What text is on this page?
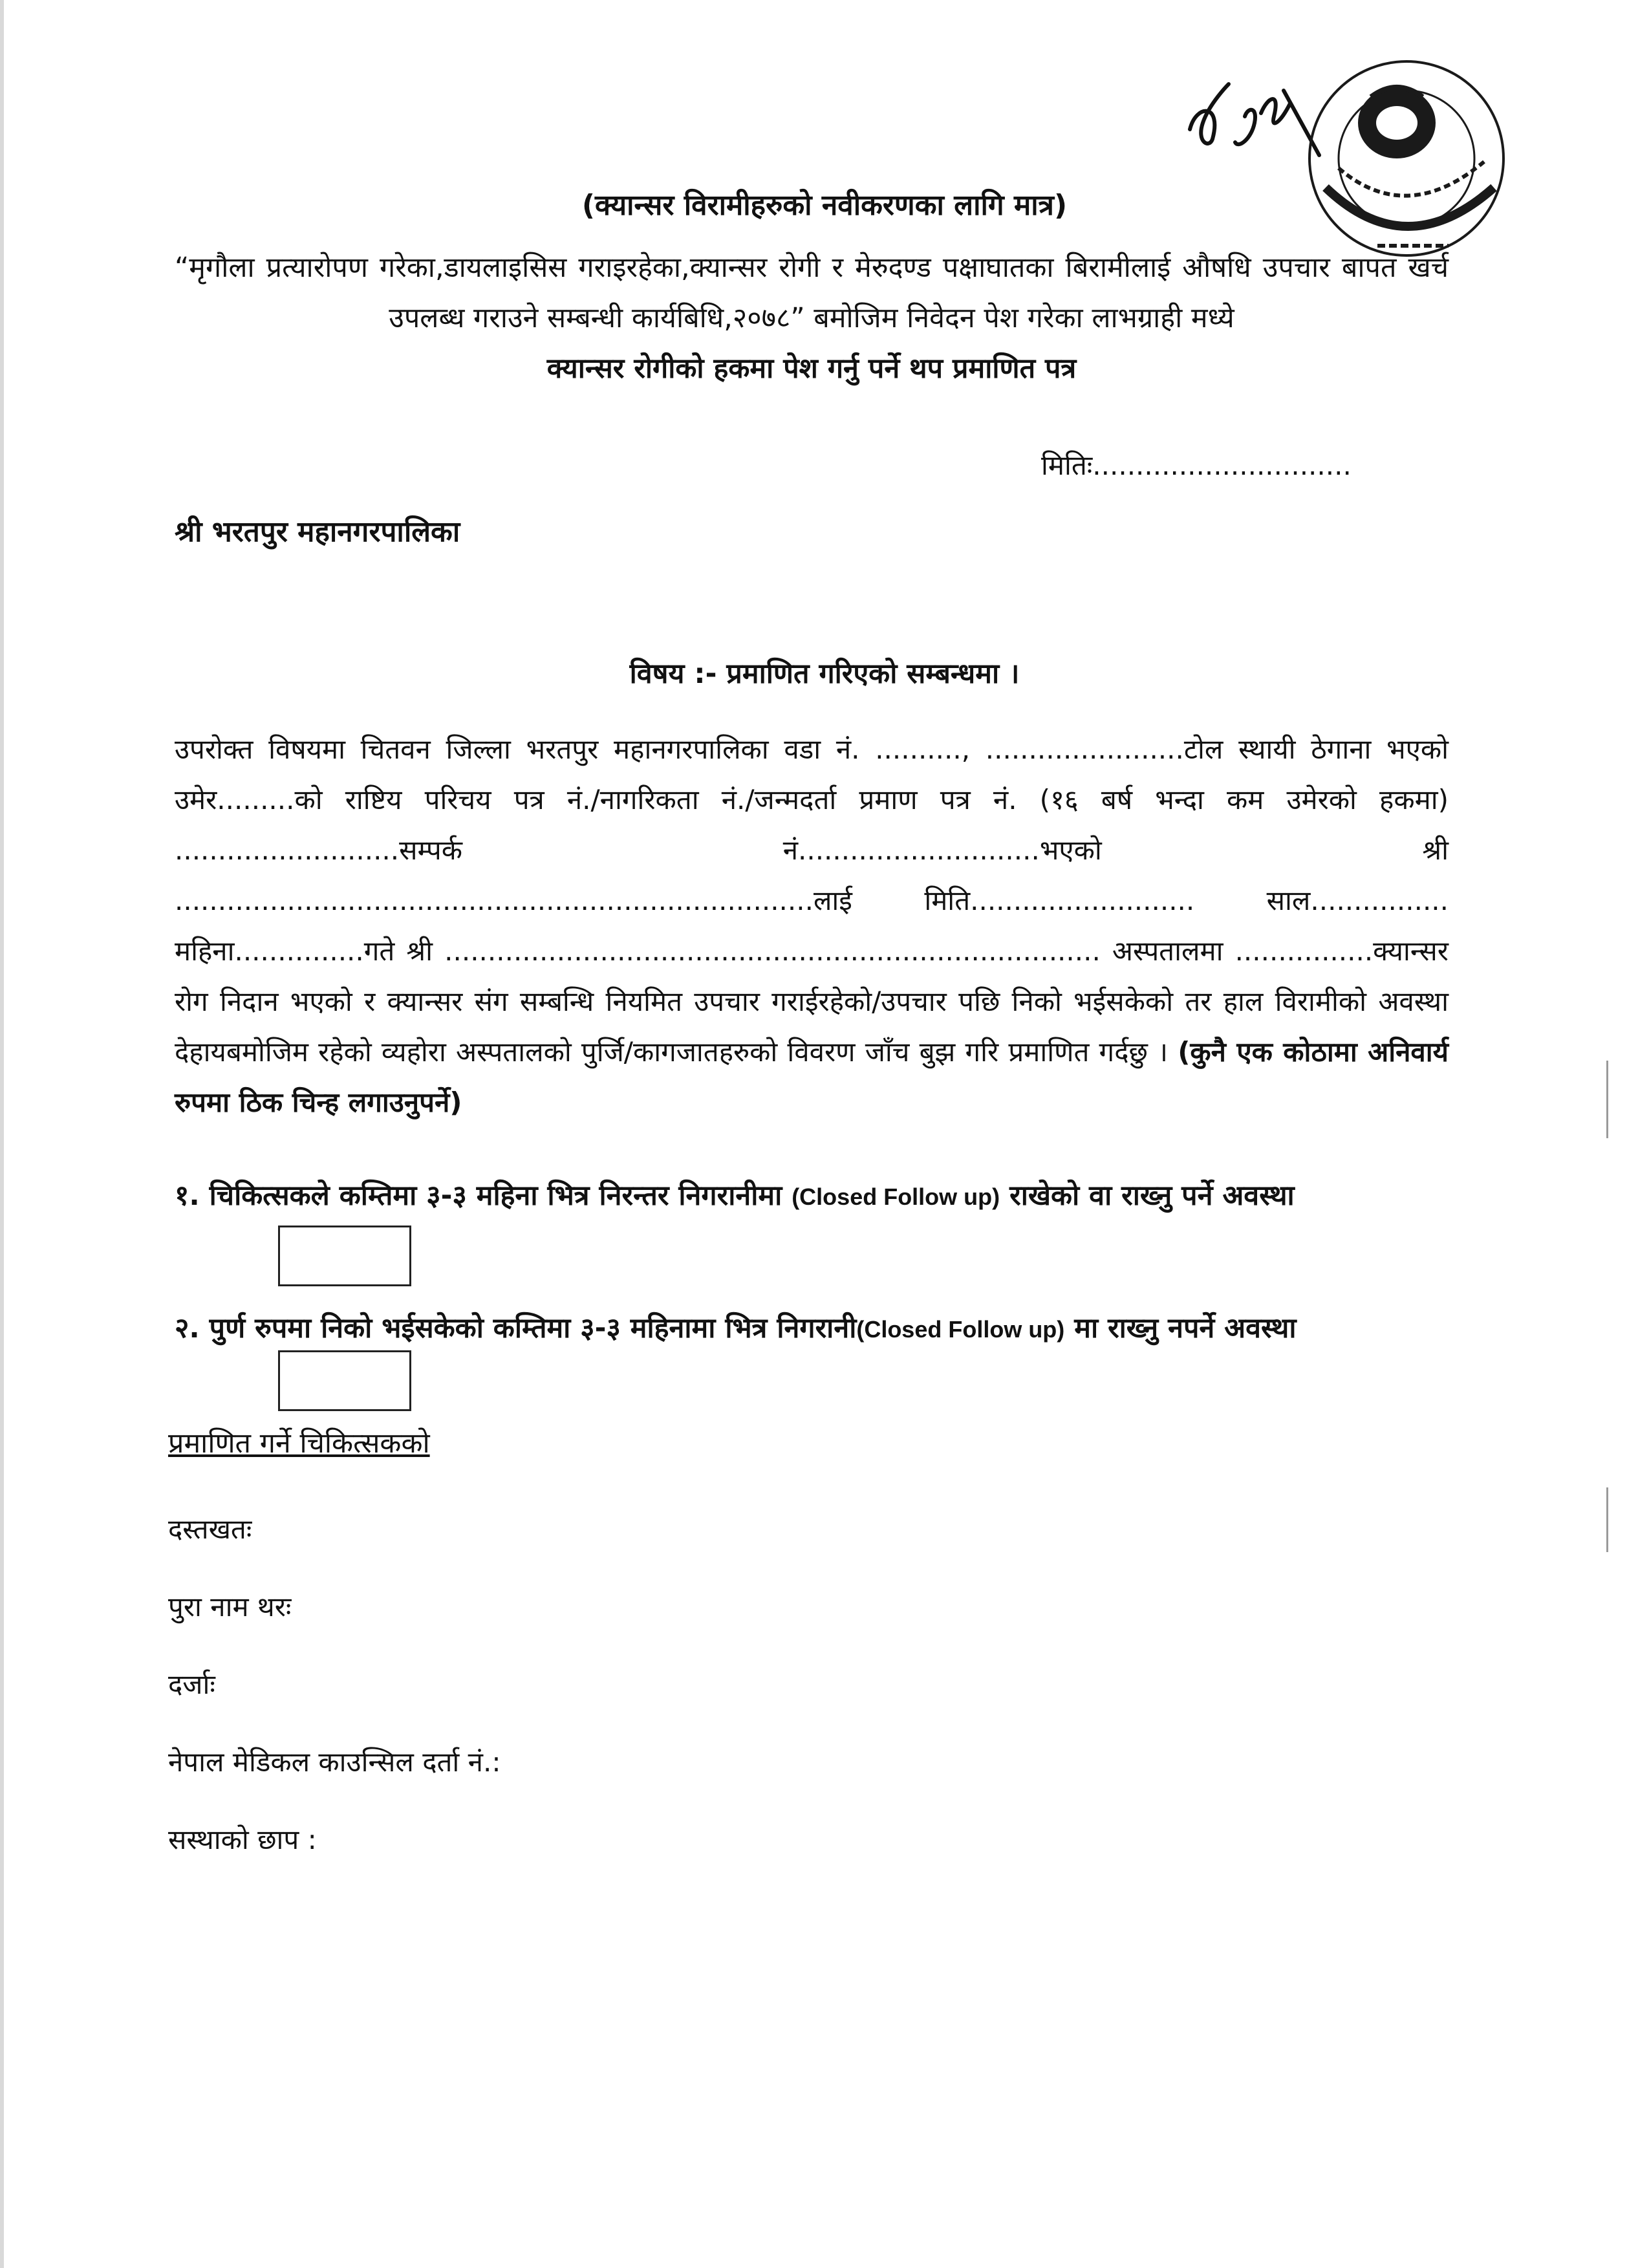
(क्यान्सर विरामीहरुको नवीकरणका लागि मात्र)
“मृगौला प्रत्यारोपण गरेका,डायलाइसिस गराइरहेका,क्यान्सर रोगी र मेरुदण्ड पक्षाघातका बिरामीलाई औषधि उपचार बापत खर्च उपलब्ध गराउने सम्बन्धी कार्यबिधि,२०७८” बमोजिम निवेदन पेश गरेका लाभग्राही मध्ये
क्यान्सर रोगीको हकमा पेश गर्नु पर्ने थप प्रमाणित पत्र
मितिः..............................
श्री भरतपुर महानगरपालिका
विषय :- प्रमाणित गरिएको सम्बन्धमा ।
उपरोक्त विषयमा चितवन जिल्ला भरतपुर महानगरपालिका वडा नं. .........., .......................टोल स्थायी ठेगाना भएको उमेर.........को राष्टिय परिचय पत्र नं./नागरिकता नं./जन्मदर्ता प्रमाण पत्र नं. (१६ बर्ष भन्दा कम उमेरको हकमा) ..........................सम्पर्क नं............................भएको श्री ..........................................................................लाई मिति.......................... साल................ महिना...............गते श्री ............................................................................ अस्पतालमा ................क्यान्सर रोग निदान भएको र क्यान्सर संग सम्बन्धि नियमित उपचार गराईरहेको/उपचार पछि निको भईसकेको तर हाल विरामीको अवस्था देहायबमोजिम रहेको व्यहोरा अस्पतालको पुर्जि/कागजातहरुको विवरण जाँच बुझ गरि प्रमाणित गर्दछु । (कुनै एक कोठामा अनिवार्य रुपमा ठिक चिन्ह लगाउनुपर्ने)
१. चिकित्सकले कम्तिमा ३-३ महिना भित्र निरन्तर निगरानीमा (Closed Follow up) राखेको वा राख्नु पर्ने अवस्था
२. पुर्ण रुपमा निको भईसकेको कम्तिमा ३-३ महिनामा भित्र निगरानी(Closed Follow up) मा राख्नु नपर्ने अवस्था
प्रमाणित गर्ने चिकित्सकको
दस्तखतः
पुरा नाम थरः
दर्जाः
नेपाल मेडिकल काउन्सिल दर्ता नं.:
सस्थाको छाप :
